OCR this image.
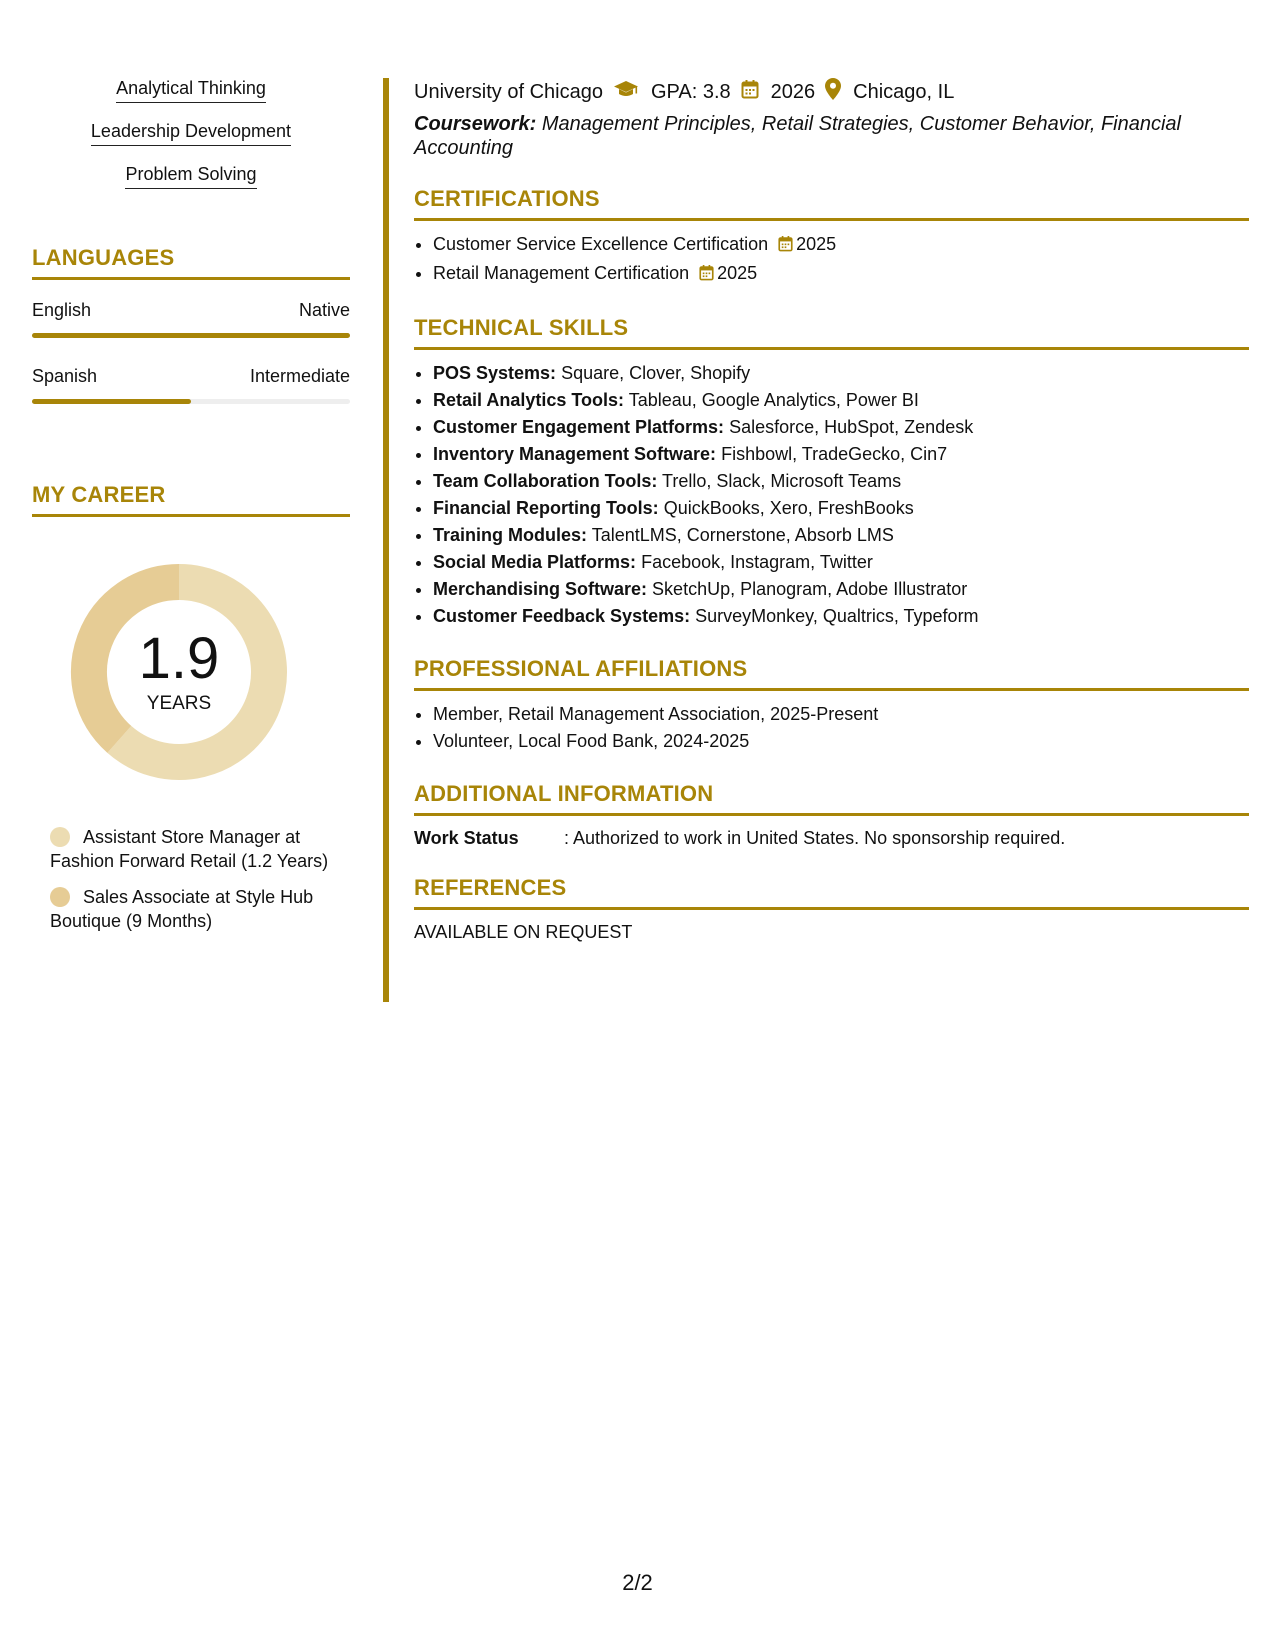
Analytical Thinking
Leadership Development
Problem Solving
LANGUAGES
English	Native
Spanish	Intermediate
MY CAREER
1.9
YEARS
Assistant Store Manager at Fashion Forward Retail (1.2 Years)
Sales Associate at Style Hub Boutique (9 Months)
University of Chicago GPA: 3.8 2026 Chicago, IL
Coursework: Management Principles, Retail Strategies, Customer Behavior, Financial Accounting
CERTIFICATIONS
• Customer Service Excellence Certification 2025
• Retail Management Certification 2025
TECHNICAL SKILLS
• POS Systems: Square, Clover, Shopify
• Retail Analytics Tools: Tableau, Google Analytics, Power BI
• Customer Engagement Platforms: Salesforce, HubSpot, Zendesk
• Inventory Management Software: Fishbowl, TradeGecko, Cin7
• Team Collaboration Tools: Trello, Slack, Microsoft Teams
• Financial Reporting Tools: QuickBooks, Xero, FreshBooks
• Training Modules: TalentLMS, Cornerstone, Absorb LMS
• Social Media Platforms: Facebook, Instagram, Twitter
• Merchandising Software: SketchUp, Planogram, Adobe Illustrator
• Customer Feedback Systems: SurveyMonkey, Qualtrics, Typeform
PROFESSIONAL AFFILIATIONS
• Member, Retail Management Association, 2025-Present
• Volunteer, Local Food Bank, 2024-2025
ADDITIONAL INFORMATION
Work Status	: Authorized to work in United States. No sponsorship required.
REFERENCES
AVAILABLE ON REQUEST
2/2
